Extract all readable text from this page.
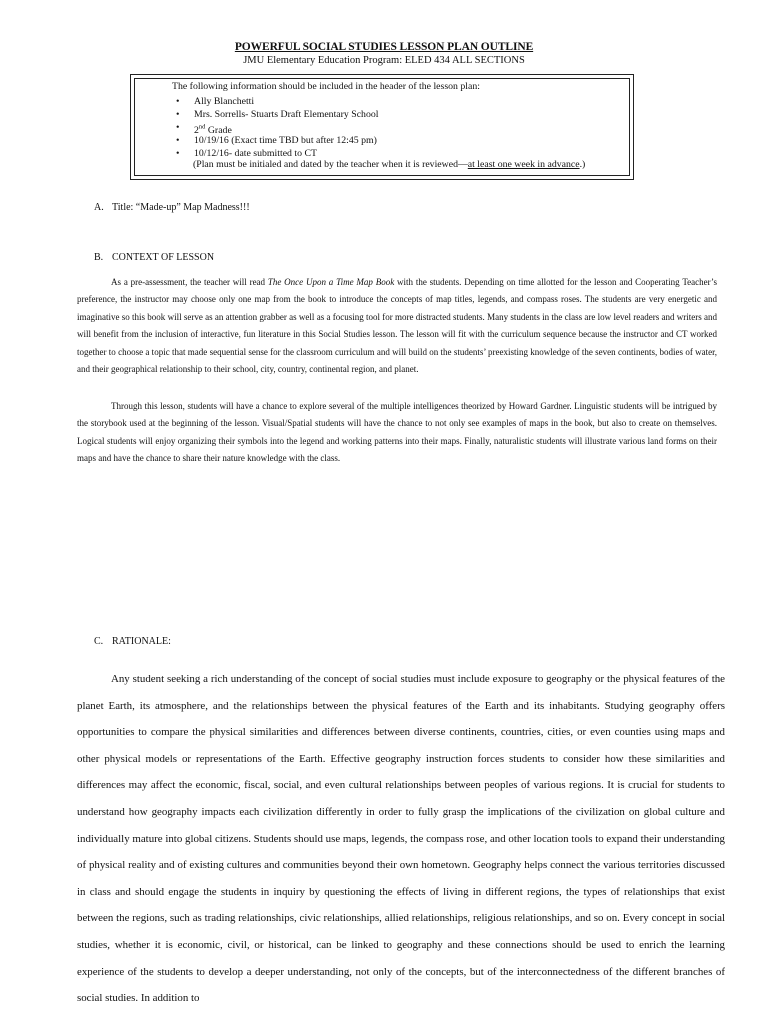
POWERFUL SOCIAL STUDIES LESSON PLAN OUTLINE
JMU Elementary Education Program: ELED 434 ALL SECTIONS
The following information should be included in the header of the lesson plan:
• Ally Blanchetti
• Mrs. Sorrells- Stuarts Draft Elementary School
• 2nd Grade
• 10/19/16 (Exact time TBD but after 12:45 pm)
• 10/12/16- date submitted to CT
(Plan must be initialed and dated by the teacher when it is reviewed—at least one week in advance.)
A. Title: “Made-up” Map Madness!!!
B. CONTEXT OF LESSON

As a pre-assessment, the teacher will read The Once Upon a Time Map Book with the students. Depending on time allotted for the lesson and Cooperating Teacher’s preference, the instructor may choose only one map from the book to introduce the concepts of map titles, legends, and compass roses. The students are very energetic and imaginative so this book will serve as an attention grabber as well as a focusing tool for more distracted students. Many students in the class are low level readers and writers and will benefit from the inclusion of interactive, fun literature in this Social Studies lesson. The lesson will fit with the curriculum sequence because the instructor and CT worked together to choose a topic that made sequential sense for the classroom curriculum and will build on the students’ preexisting knowledge of the seven continents, bodies of water, and their geographical relationship to their school, city, country, continental region, and planet.

Through this lesson, students will have a chance to explore several of the multiple intelligences theorized by Howard Gardner. Linguistic students will be intrigued by the storybook used at the beginning of the lesson. Visual/Spatial students will have the chance to not only see examples of maps in the book, but also to create on themselves. Logical students will enjoy organizing their symbols into the legend and working patterns into their maps. Finally, naturalistic students will illustrate various land forms on their maps and have the chance to share their nature knowledge with the class.

C. RATIONALE:

Any student seeking a rich understanding of the concept of social studies must include exposure to geography or the physical features of the planet Earth, its atmosphere, and the relationships between the physical features of the Earth and its inhabitants. Studying geography offers opportunities to compare the physical similarities and differences between diverse continents, countries, cities, or even counties using maps and other physical models or representations of the Earth. Effective geography instruction forces students to consider how these similarities and differences may affect the economic, fiscal, social, and even cultural relationships between peoples of various regions. It is crucial for students to understand how geography impacts each civilization differently in order to fully grasp the implications of the civilization on global culture and individually mature into global citizens. Students should use maps, legends, the compass rose, and other location tools to expand their understanding of physical reality and of existing cultures and communities beyond their own hometown. Geography helps connect the various territories discussed in class and should engage the students in inquiry by questioning the effects of living in different regions, the types of relationships that exist between the regions, such as trading relationships, civic relationships, allied relationships, religious relationships, and so on. Every concept in social studies, whether it is economic, civil, or historical, can be linked to geography and these connections should be used to enrich the learning experience of the students to develop a deeper understanding, not only of the concepts, but of the interconnectedness of the different branches of social studies. In addition to
